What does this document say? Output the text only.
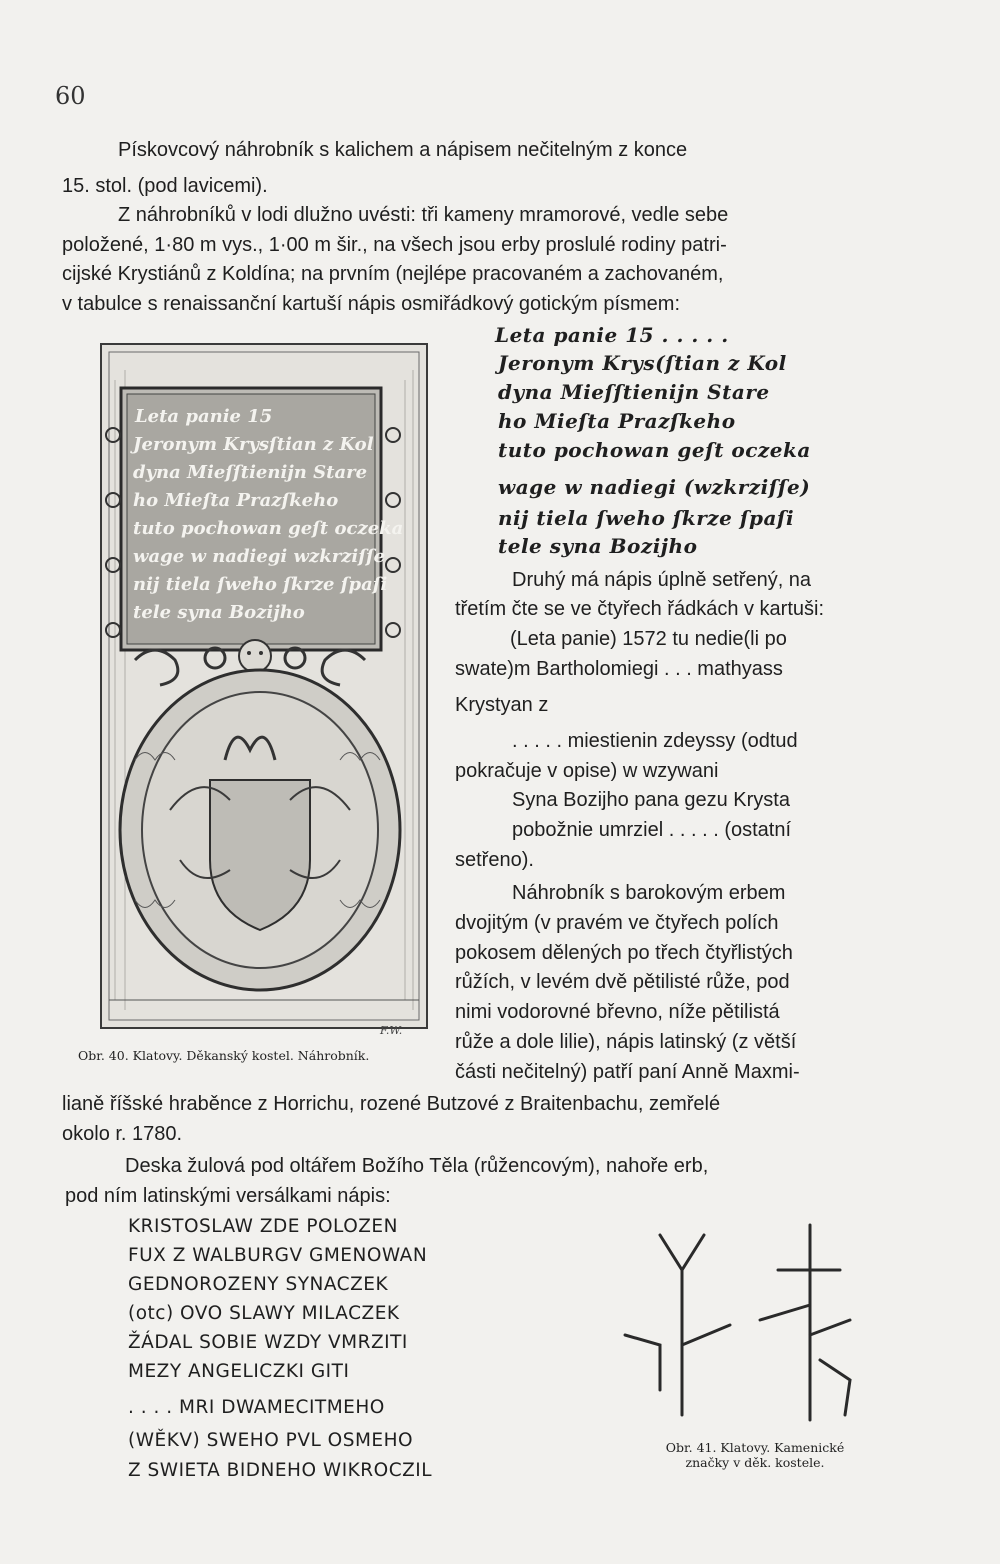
60
Pískovcový náhrobník s kalichem a nápisem nečitelným z konce
15. stol. (pod lavicemi).
Z náhrobníků v lodi dlužno uvésti: tři kameny mramorové, vedle sebe
položené, 1·80 m vys., 1·00 m šir., na všech jsou erby proslulé rodiny patri-
cijské Krystiánů z Koldína; na prvním (nejlépe pracovaném a zachovaném,
v tabulce s renaissanční kartuší nápis osmiřádkový gotickým písmem:
Leta panie 15 . . . . .
Jeronym Krys(ſtian z Kol
dyna Mieſſtienijn Stare
ho Mieſta Prazſkeho
tuto pochowan geſt oczeka
wage w nadiegi (wzkrziſſe)
nij tiela ſweho ſkrze ſpaſi
tele syna Bozijho
Druhý má nápis úplně setřený, na
třetím čte se ve čtyřech řádkách v kartuši:
(Leta panie) 1572 tu nedie(li po
swate)m Bartholomiegi . . . mathyass
Krystyan z
. . . . . miestienin zdeyssy (odtud
pokračuje v opise) w wzywani
Syna Bozijho pana gezu Krysta
pobožnie umrziel . . . . . (ostatní
setřeno).
Náhrobník s barokovým erbem
dvojitým (v pravém ve čtyřech polích
pokosem dělených po třech čtyřlistých
růžích, v levém dvě pětilisté růže, pod
nimi vodorovné břevno, níže pětilistá
růže a dole lilie), nápis latinský (z větší
části nečitelný) patří paní Anně Maxmi-
lianě říšské hraběnce z Horrichu, rozené Butzové z Braitenbachu, zemřelé
okolo r. 1780.
Deska žulová pod oltářem Božího Těla (růžencovým), nahoře erb,
pod ním latinskými versálkami nápis:
KRISTOSLAW ZDE POLOZEN
FUX Z WALBURGV GMENOWAN
GEDNOROZENY SYNACZEK
(otc) OVO SLAWY MILACZEK
ŽÁDAL SOBIE WZDY VMRZITI
MEZY ANGELICZKI GITI
. . . . MRI DWAMECITMEHO
(WĚKV) SWEHO PVL OSMEHO
Z SWIETA BIDNEHO WIKROCZIL
Leta panie 15
Jeronym Krysſtian z Kol
dyna Mieſſtienijn Stare
ho Mieſta Prazſkeho
tuto pochowan geſt oczeka
wage w nadiegi wzkrziſſe
nij tiela ſweho ſkrze ſpaſi
tele syna Bozijho
F.W.
Obr. 40. Klatovy. Děkanský kostel. Náhrobník.
Obr. 41. Klatovy. Kamenické
značky v děk. kostele.
